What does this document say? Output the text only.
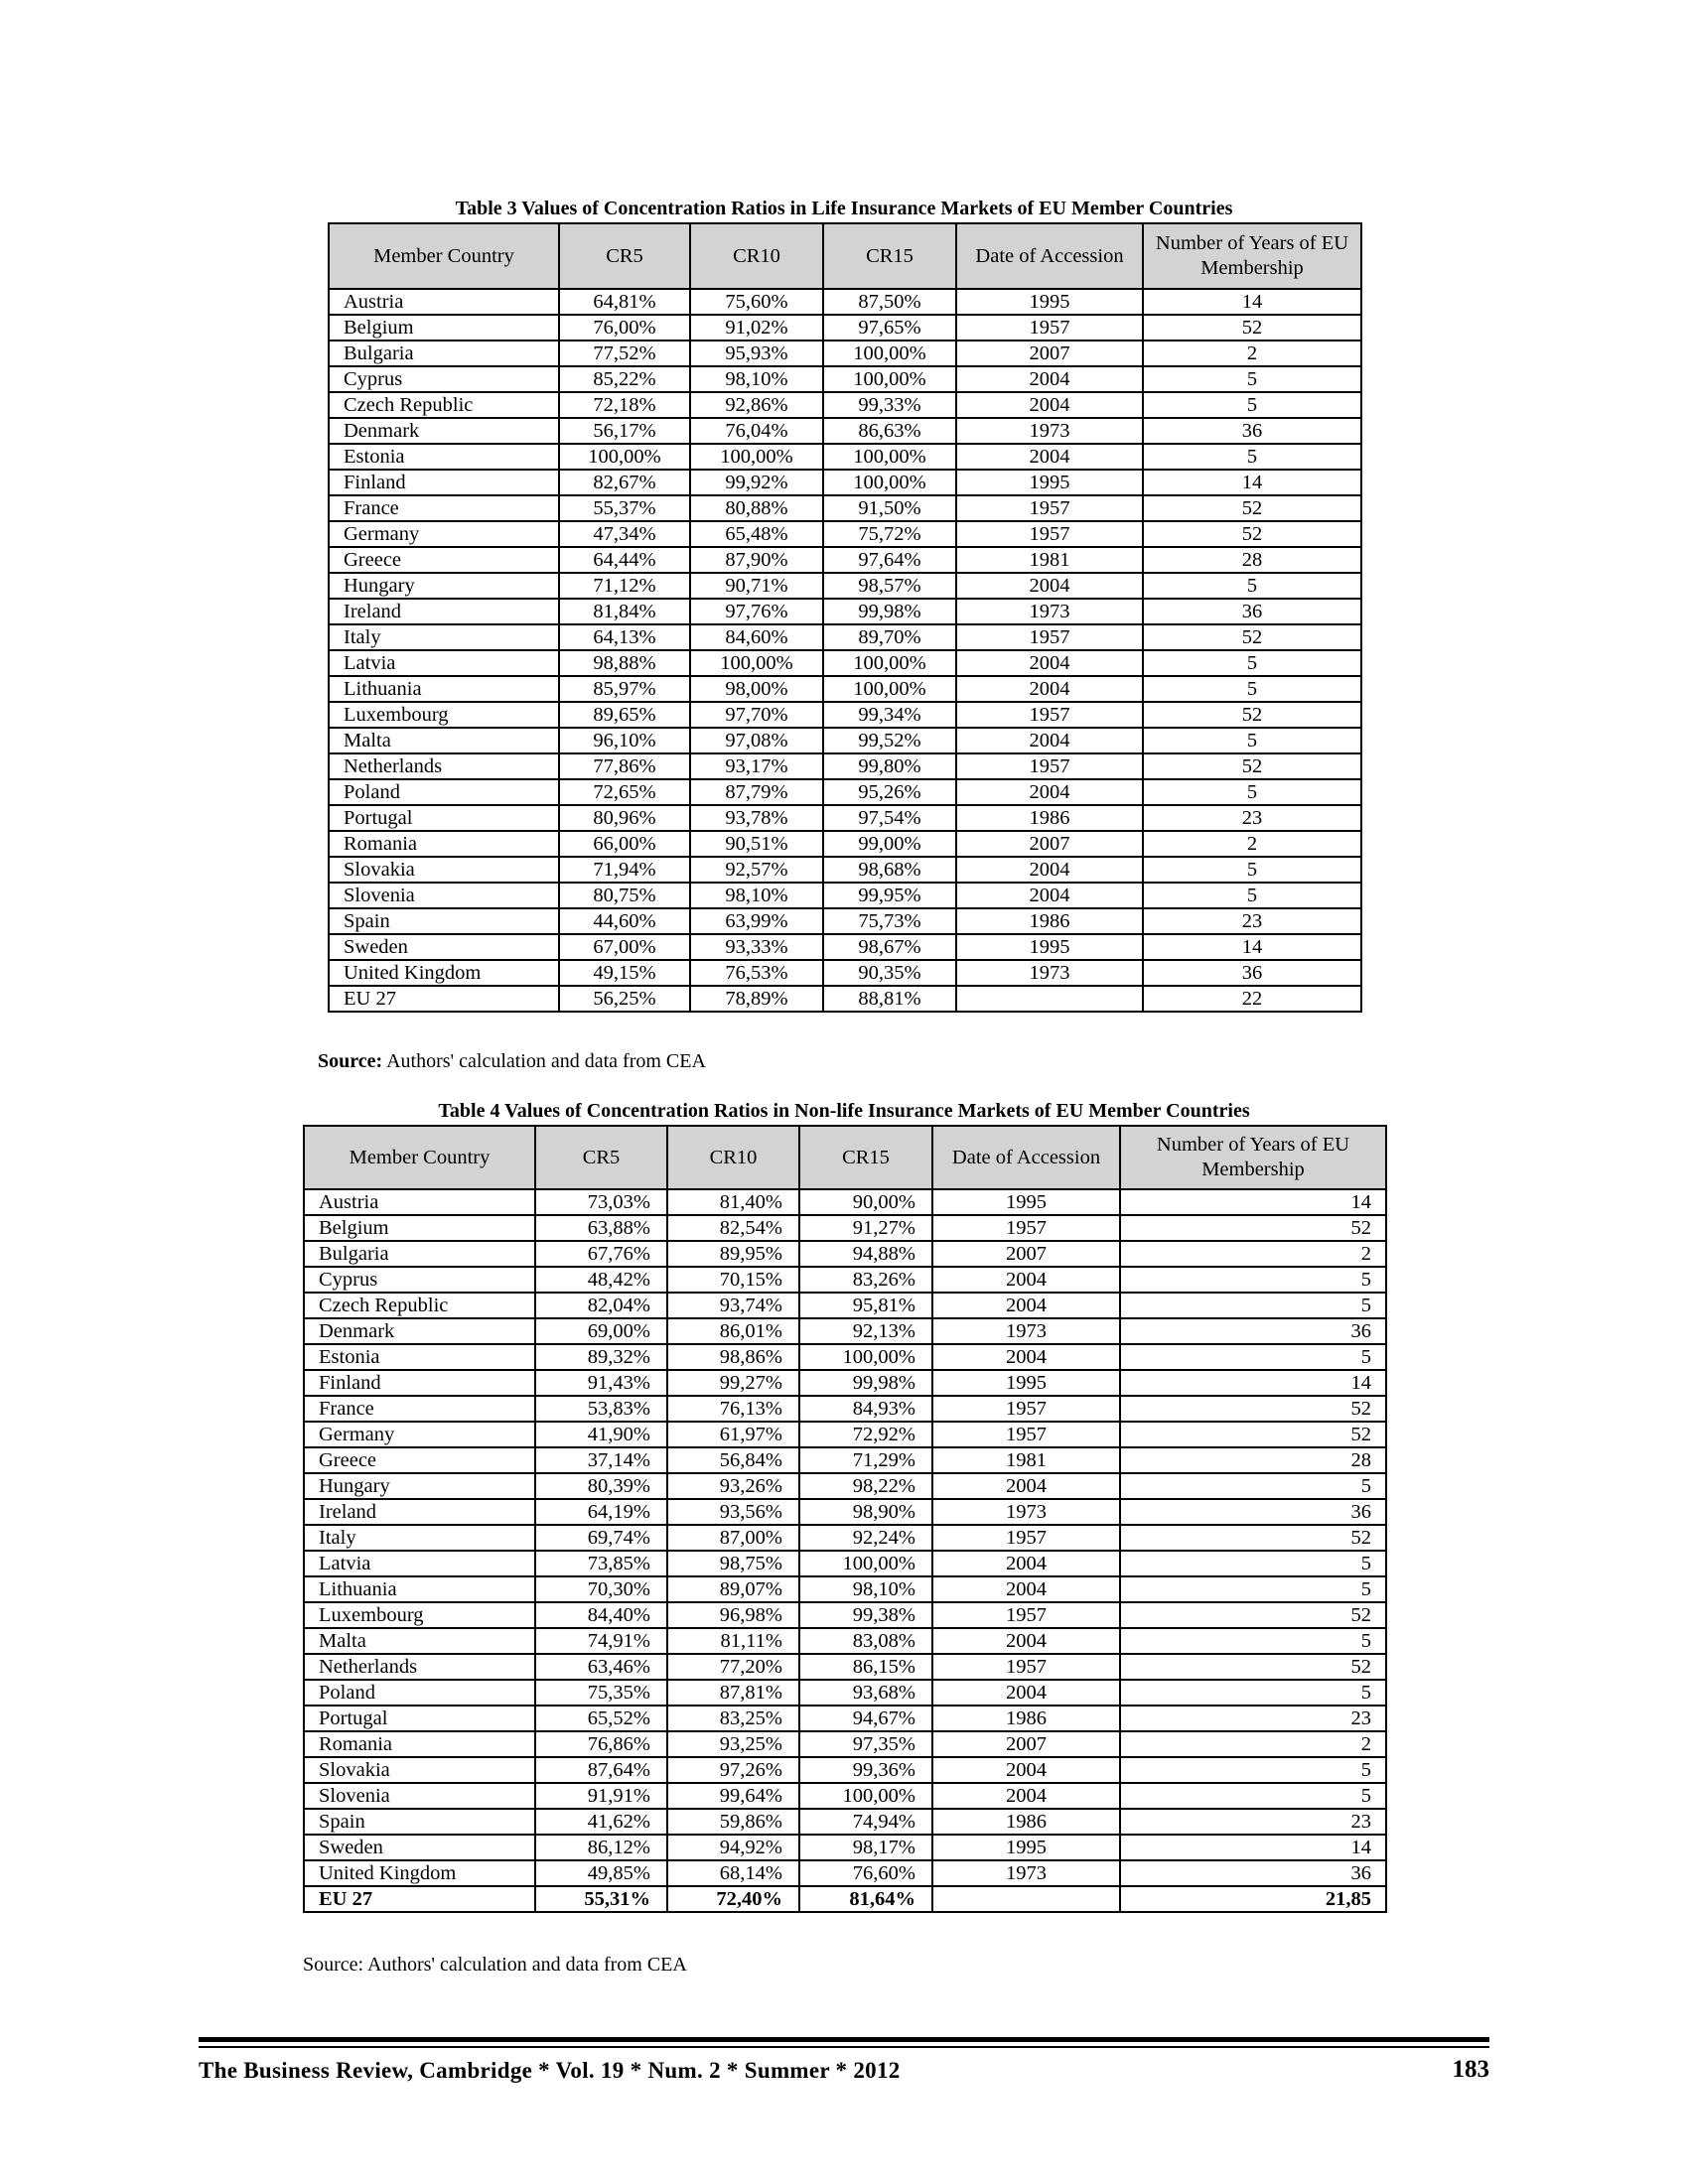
Table 3 Values of Concentration Ratios in Life Insurance Markets of EU Member Countries
Member Country	CR5	CR10	CR15	Date of Accession	Number of Years of EU Membership
Austria	64,81%	75,60%	87,50%	1995	14
Belgium	76,00%	91,02%	97,65%	1957	52
Bulgaria	77,52%	95,93%	100,00%	2007	2
Cyprus	85,22%	98,10%	100,00%	2004	5
Czech Republic	72,18%	92,86%	99,33%	2004	5
Denmark	56,17%	76,04%	86,63%	1973	36
Estonia	100,00%	100,00%	100,00%	2004	5
Finland	82,67%	99,92%	100,00%	1995	14
France	55,37%	80,88%	91,50%	1957	52
Germany	47,34%	65,48%	75,72%	1957	52
Greece	64,44%	87,90%	97,64%	1981	28
Hungary	71,12%	90,71%	98,57%	2004	5
Ireland	81,84%	97,76%	99,98%	1973	36
Italy	64,13%	84,60%	89,70%	1957	52
Latvia	98,88%	100,00%	100,00%	2004	5
Lithuania	85,97%	98,00%	100,00%	2004	5
Luxembourg	89,65%	97,70%	99,34%	1957	52
Malta	96,10%	97,08%	99,52%	2004	5
Netherlands	77,86%	93,17%	99,80%	1957	52
Poland	72,65%	87,79%	95,26%	2004	5
Portugal	80,96%	93,78%	97,54%	1986	23
Romania	66,00%	90,51%	99,00%	2007	2
Slovakia	71,94%	92,57%	98,68%	2004	5
Slovenia	80,75%	98,10%	99,95%	2004	5
Spain	44,60%	63,99%	75,73%	1986	23
Sweden	67,00%	93,33%	98,67%	1995	14
United Kingdom	49,15%	76,53%	90,35%	1973	36
EU 27	56,25%	78,89%	88,81%		22
Source: Authors' calculation and data from CEA
Table 4 Values of Concentration Ratios in Non-life Insurance Markets of EU Member Countries
Member Country	CR5	CR10	CR15	Date of Accession	Number of Years of EU Membership
Austria	73,03%	81,40%	90,00%	1995	14
Belgium	63,88%	82,54%	91,27%	1957	52
Bulgaria	67,76%	89,95%	94,88%	2007	2
Cyprus	48,42%	70,15%	83,26%	2004	5
Czech Republic	82,04%	93,74%	95,81%	2004	5
Denmark	69,00%	86,01%	92,13%	1973	36
Estonia	89,32%	98,86%	100,00%	2004	5
Finland	91,43%	99,27%	99,98%	1995	14
France	53,83%	76,13%	84,93%	1957	52
Germany	41,90%	61,97%	72,92%	1957	52
Greece	37,14%	56,84%	71,29%	1981	28
Hungary	80,39%	93,26%	98,22%	2004	5
Ireland	64,19%	93,56%	98,90%	1973	36
Italy	69,74%	87,00%	92,24%	1957	52
Latvia	73,85%	98,75%	100,00%	2004	5
Lithuania	70,30%	89,07%	98,10%	2004	5
Luxembourg	84,40%	96,98%	99,38%	1957	52
Malta	74,91%	81,11%	83,08%	2004	5
Netherlands	63,46%	77,20%	86,15%	1957	52
Poland	75,35%	87,81%	93,68%	2004	5
Portugal	65,52%	83,25%	94,67%	1986	23
Romania	76,86%	93,25%	97,35%	2007	2
Slovakia	87,64%	97,26%	99,36%	2004	5
Slovenia	91,91%	99,64%	100,00%	2004	5
Spain	41,62%	59,86%	74,94%	1986	23
Sweden	86,12%	94,92%	98,17%	1995	14
United Kingdom	49,85%	68,14%	76,60%	1973	36
EU 27	55,31%	72,40%	81,64%		21,85
Source: Authors' calculation and data from CEA
The Business Review, Cambridge * Vol. 19 * Num. 2 * Summer * 2012	183
